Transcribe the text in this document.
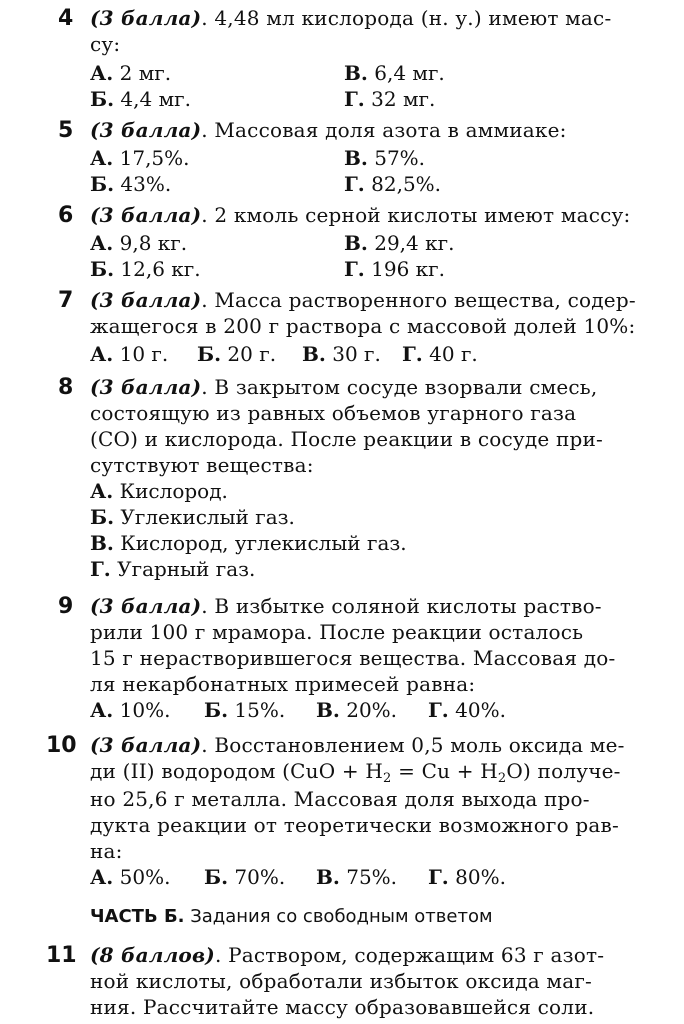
4 (3 балла). 4,48 мл кислорода (н. у.) имеют мас-
су:
А. 2 мг.	В. 6,4 мг.
Б. 4,4 мг.	Г. 32 мг.
5 (3 балла). Массовая доля азота в аммиаке:
А. 17,5%.	В. 57%.
Б. 43%.	Г. 82,5%.
6 (3 балла). 2 кмоль серной кислоты имеют массу:
А. 9,8 кг.	В. 29,4 кг.
Б. 12,6 кг.	Г. 196 кг.
7 (3 балла). Масса растворенного вещества, содер-
жащегося в 200 г раствора с массовой долей 10%:
А. 10 г. Б. 20 г. В. 30 г. Г. 40 г.
8 (3 балла). В закрытом сосуде взорвали смесь,
состоящую из равных объемов угарного газа
(CO) и кислорода. После реакции в сосуде при-
сутствуют вещества:
А. Кислород.
Б. Углекислый газ.
В. Кислород, углекислый газ.
Г. Угарный газ.
9 (3 балла). В избытке соляной кислоты раство-
рили 100 г мрамора. После реакции осталось
15 г нерастворившегося вещества. Массовая до-
ля некарбонатных примесей равна:
А. 10%. Б. 15%. В. 20%. Г. 40%.
10 (3 балла). Восстановлением 0,5 моль оксида ме-
ди (II) водородом $(CuO + H_2 = Cu + H_2O)$ получе-
но 25,6 г металла. Массовая доля выхода про-
дукта реакции от теоретически возможного рав-
на:
А. 50%. Б. 70%. В. 75%. Г. 80%.
ЧАСТЬ Б. Задания со свободным ответом
11 (8 баллов). Раствором, содержащим 63 г азот-
ной кислоты, обработали избыток оксида маг-
ния. Рассчитайте массу образовавшейся соли.
